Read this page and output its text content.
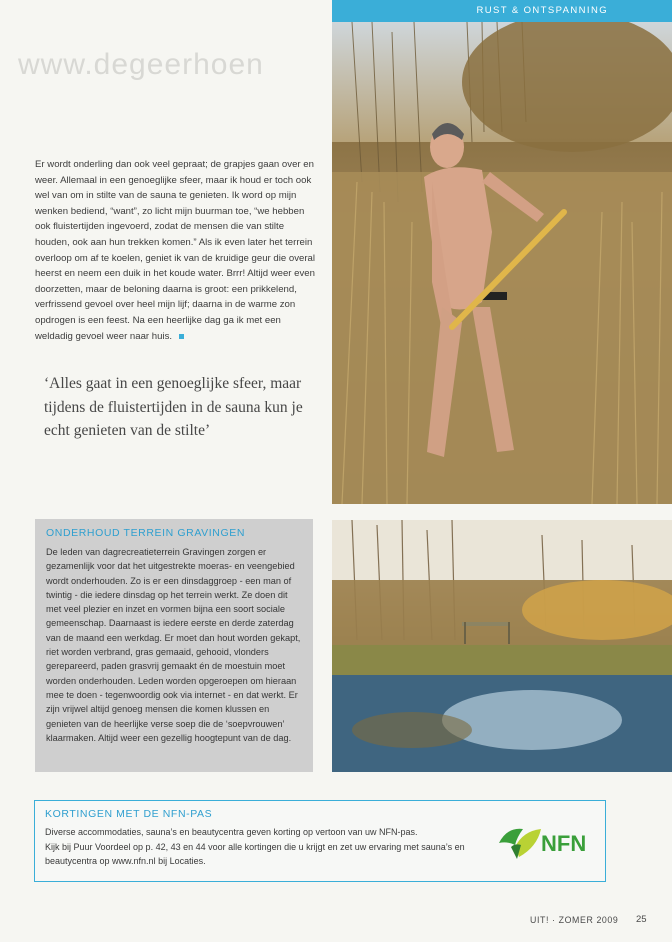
RUST & ONTSPANNING
www.degeerhoen

Er wordt onderling dan ook veel gepraat; de grapjes gaan over en weer. Allemaal in een genoeglijke sfeer, maar ik houd er toch ook wel van om in stilte van de sauna te genieten. Ik word op mijn wenken bediend, “want”, zo licht mijn buurman toe, “we hebben ook fluistertijden ingevoerd, zodat de mensen die van stilte houden, ook aan hun trekken komen.” Als ik even later het terrein overloop om af te koelen, geniet ik van de kruidige geur die overal heerst en neem een duik in het koude water. Brrr! Altijd weer even doorzetten, maar de beloning daarna is groot: een prikkelend, verfrissend gevoel over heel mijn lijf; daarna in de warme zon opdrogen is een feest. Na een heerlijke dag ga ik met een weldadig gevoel weer naar huis.

‘Alles gaat in een genoeglijke sfeer, maar tijdens de fluistertijden in de sauna kun je echt genieten van de stilte’

ONDERHOUD TERREIN GRAVINGEN

De leden van dagrecreatieterrein Gravingen zorgen er gezamenlijk voor dat het uitgestrekte moeras- en veengebied wordt onderhouden. Zo is er een dinsdaggroep - een man of twintig - die iedere dinsdag op het terrein werkt. Ze doen dit met veel plezier en inzet en vormen bijna een soort sociale gemeenschap. Daarnaast is iedere eerste en derde zaterdag van de maand een werkdag. Er moet dan hout worden gekapt, riet worden verbrand, gras gemaaid, gehooid, vlonders gerepareerd, paden grasvrij gemaakt én de moestuin moet worden onderhouden. Leden worden opgeroepen om hieraan mee te doen - tegenwoordig ook via internet - en dat werkt. Er zijn vrijwel altijd genoeg mensen die komen klussen en genieten van de heerlijke verse soep die de ‘soepvrouwen’ klaarmaken. Altijd weer een gezellig hoogtepunt van de dag.

KORTINGEN MET DE NFN-PAS

Diverse accommodaties, sauna’s en beautycentra geven korting op vertoon van uw NFN-pas.

Kijk bij Puur Voordeel op p. 42, 43 en 44 voor alle kortingen die u krijgt en zet uw ervaring met sauna’s en beautycentra op www.nfn.nl bij Locaties.

NFN
UIT! · ZOMER 2009 25
